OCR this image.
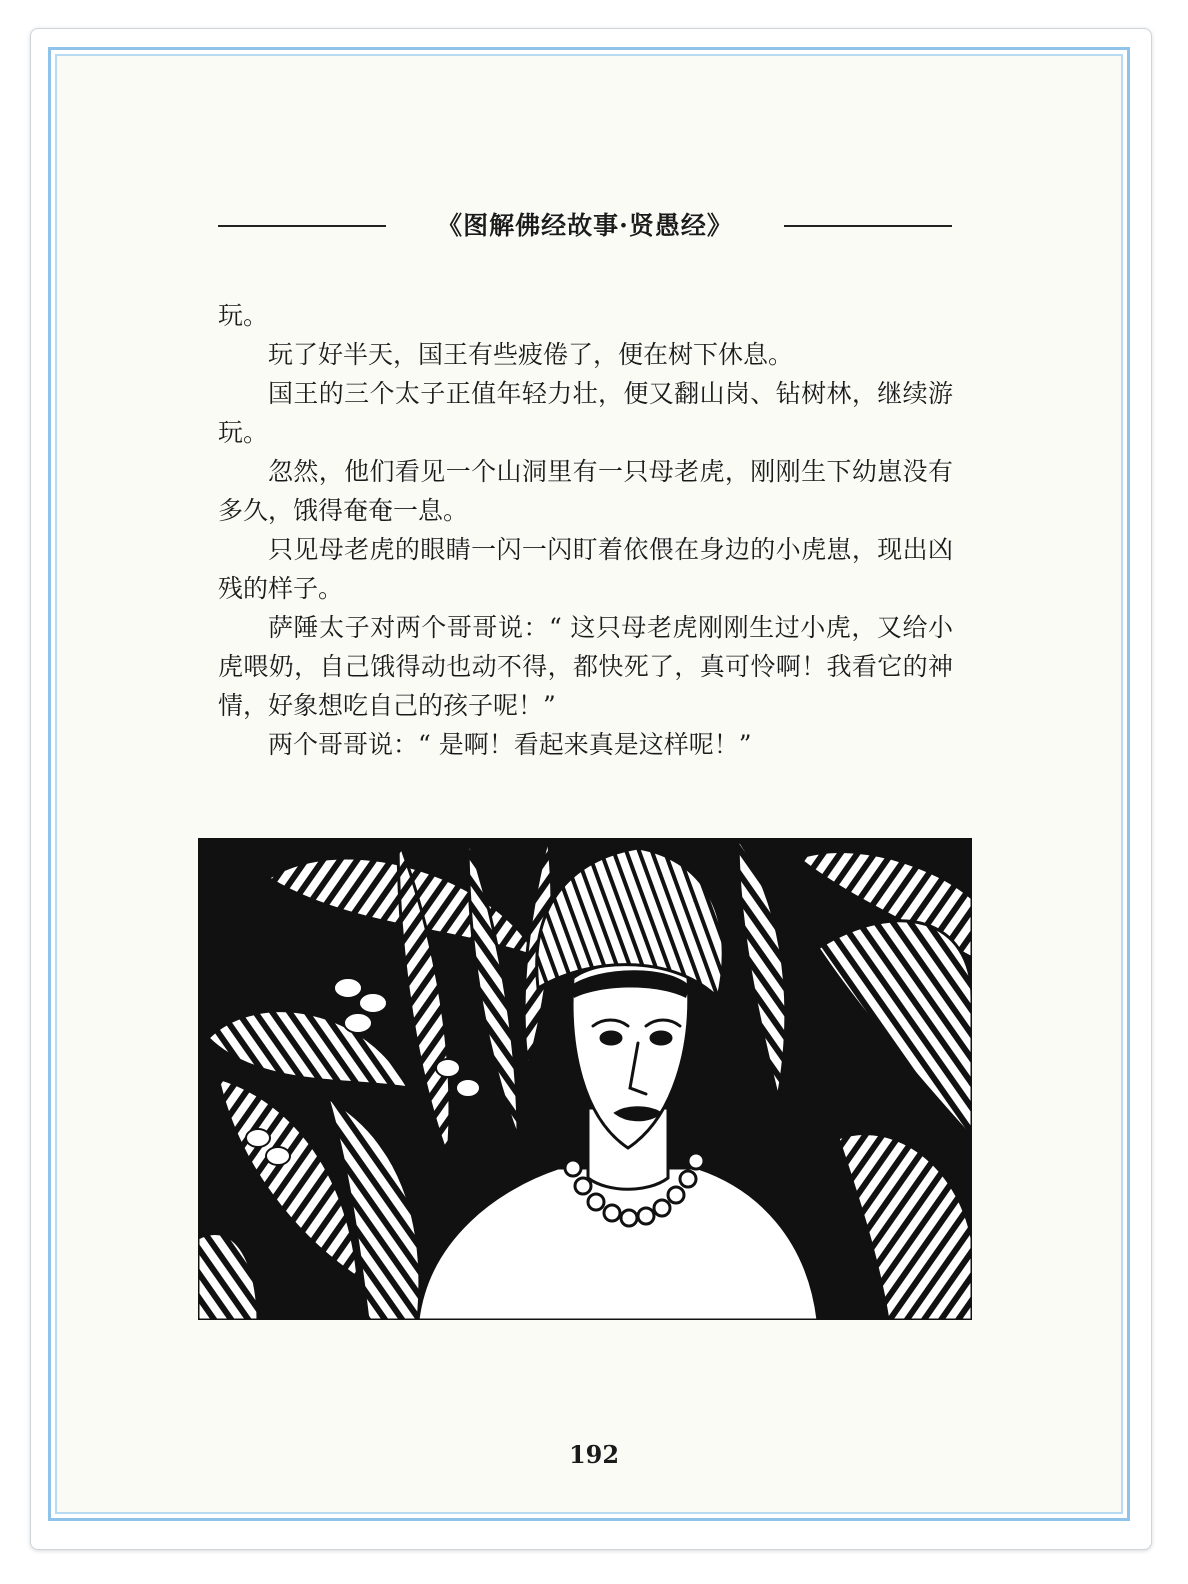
《图解佛经故事·贤愚经》

玩。

玩了好半天，国王有些疲倦了，便在树下休息。

国王的三个太子正值年轻力壮，便又翻山岗、钻树林，继续游玩。

忽然，他们看见一个山洞里有一只母老虎，刚刚生下幼崽没有多久，饿得奄奄一息。

只见母老虎的眼睛一闪一闪盯着依偎在身边的小虎崽，现出凶残的样子。

萨陲太子对两个哥哥说：“ 这只母老虎刚刚生过小虎，又给小虎喂奶，自己饿得动也动不得，都快死了，真可怜啊！我看它的神情，好象想吃自己的孩子呢！”

两个哥哥说：“ 是啊！看起来真是这样呢！”

192
